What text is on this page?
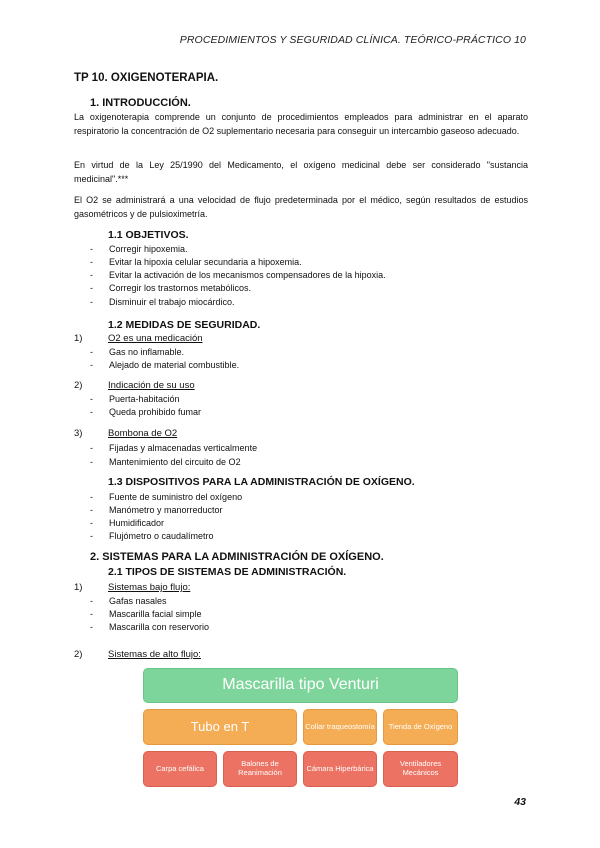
PROCEDIMIENTOS Y SEGURIDAD CLÍNICA. TEÓRICO-PRÁCTICO 10
TP 10. OXIGENOTERAPIA.
1. INTRODUCCIÓN.
La oxigenoterapia comprende un conjunto de procedimientos empleados para administrar en el aparato respiratorio la concentración de O2 suplementario necesaria para conseguir un intercambio gaseoso adecuado.
En virtud de la Ley 25/1990 del Medicamento, el oxígeno medicinal debe ser considerado "sustancia medicinal".***
El O2 se administrará a una velocidad de flujo predeterminada por el médico, según resultados de estudios gasométricos y de pulsioximetría.
1.1 OBJETIVOS.
- Corregir hipoxemia.
- Evitar la hipoxia celular secundaria a hipoxemia.
- Evitar la activación de los mecanismos compensadores de la hipoxia.
- Corregir los trastornos metabólicos.
- Disminuir el trabajo miocárdico.
1.2 MEDIDAS DE SEGURIDAD.
1)	O2 es una medicación
- Gas no inflamable.
- Alejado de material combustible.
2)	Indicación de su uso
- Puerta-habitación
- Queda prohibido fumar
3)	Bombona de O2
- Fijadas y almacenadas verticalmente
- Mantenimiento del circuito de O2
1.3 DISPOSITIVOS PARA LA ADMINISTRACIÓN DE OXÍGENO.
- Fuente de suministro del oxígeno
- Manómetro y manorreductor
- Humidificador
- Flujómetro o caudalímetro
2. SISTEMAS PARA LA ADMINISTRACIÓN DE OXÍGENO.
2.1 TIPOS DE SISTEMAS DE ADMINISTRACIÓN.
1)	Sistemas bajo flujo:
- Gafas nasales
- Mascarilla facial simple
- Mascarilla con reservorio
2)	Sistemas de alto flujo:
Mascarilla tipo Venturi
Tubo en T	Collar traqueostomía	Tienda de Oxígeno
Carpa cefálica	Balones de Reanimación	Cámara Hiperbárica	Ventiladores Mecánicos
43
